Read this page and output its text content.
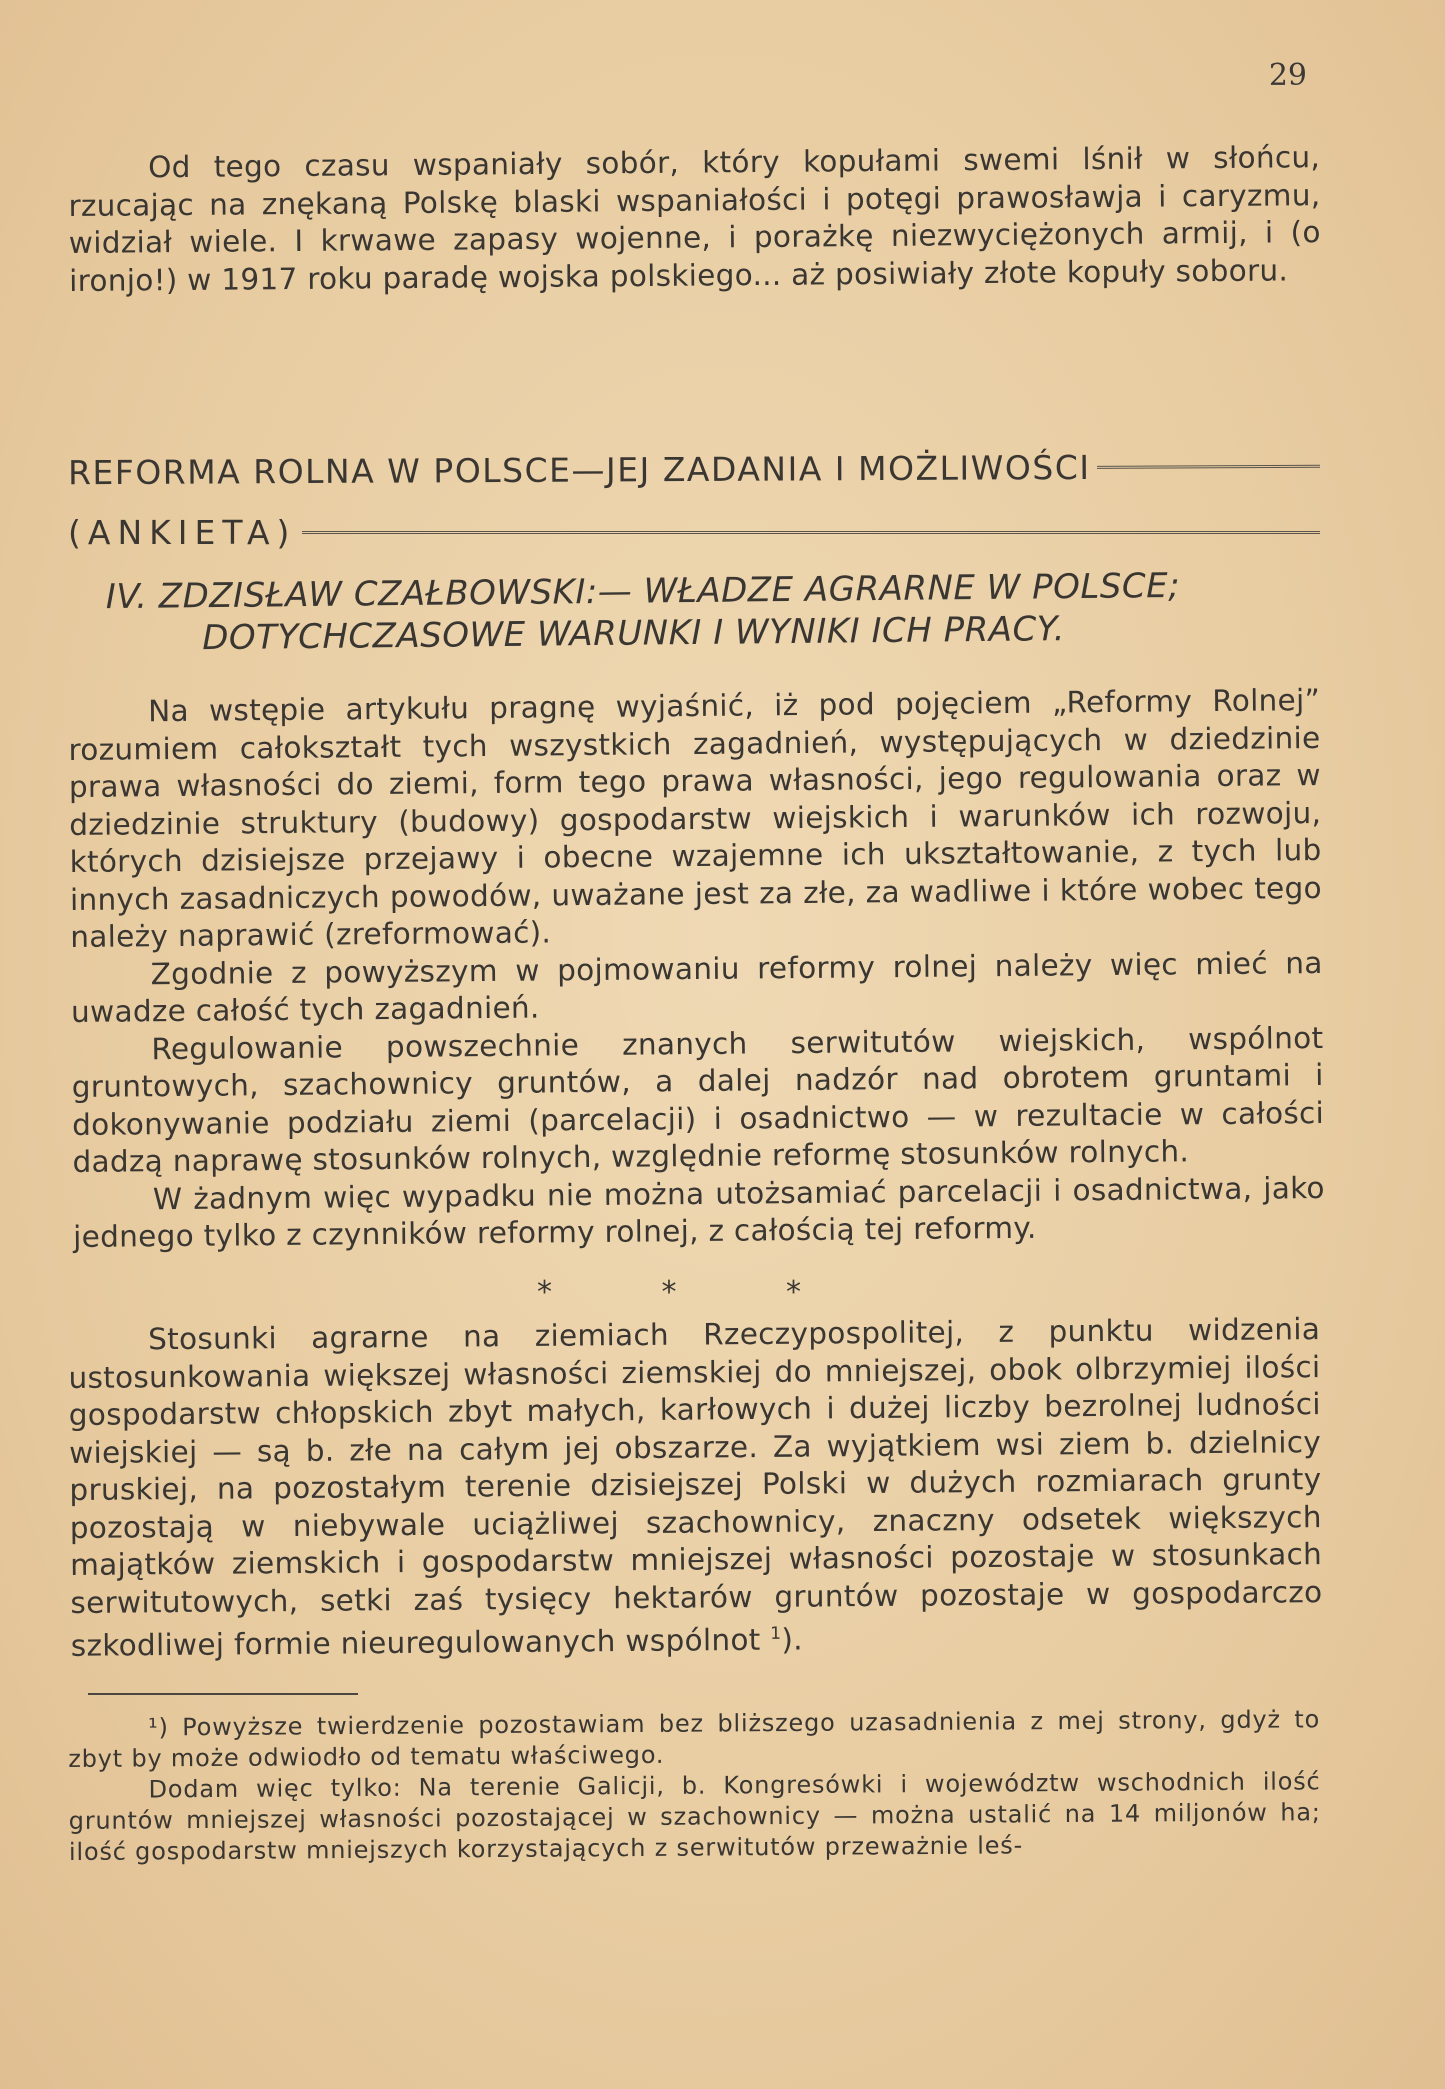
29

Od tego czasu wspaniały sobór, który kopułami swemi lśnił w słońcu, rzucając na znękaną Polskę blaski wspaniałości i potęgi prawosławja i caryzmu, widział wiele. I krwawe zapasy wojenne, i porażkę niezwyciężonych armij, i (o ironjo!) w 1917 roku paradę wojska polskiego... aż posiwiały złote kopuły soboru.

REFORMA ROLNA W POLSCE—JEJ ZADANIA I MOŻLIWOŚCI
(ANKIETA)
IV. ZDZISŁAW CZAŁBOWSKI:— WŁADZE AGRARNE W POLSCE;
DOTYCHCZASOWE WARUNKI I WYNIKI ICH PRACY.

Na wstępie artykułu pragnę wyjaśnić, iż pod pojęciem „Reformy Rolnej” rozumiem całokształt tych wszystkich zagadnień, występujących w dziedzinie prawa własności do ziemi, form tego prawa własności, jego regulowania oraz w dziedzinie struktury (budowy) gospodarstw wiejskich i warunków ich rozwoju, których dzisiejsze przejawy i obecne wzajemne ich ukształtowanie, z tych lub innych zasadniczych powodów, uważane jest za złe, za wadliwe i które wobec tego należy naprawić (zreformować).

Zgodnie z powyższym w pojmowaniu reformy rolnej należy więc mieć na uwadze całość tych zagadnień.

Regulowanie powszechnie znanych serwitutów wiejskich, wspólnot gruntowych, szachownicy gruntów, a dalej nadzór nad obrotem gruntami i dokonywanie podziału ziemi (parcelacji) i osadnictwo — w rezultacie w całości dadzą naprawę stosunków rolnych, względnie reformę stosunków rolnych.

W żadnym więc wypadku nie można utożsamiać parcelacji i osadnictwa, jako jednego tylko z czynników reformy rolnej, z całością tej reformy.

* * *

Stosunki agrarne na ziemiach Rzeczypospolitej, z punktu widzenia ustosunkowania większej własności ziemskiej do mniejszej, obok olbrzymiej ilości gospodarstw chłopskich zbyt małych, karłowych i dużej liczby bezrolnej ludności wiejskiej — są b. złe na całym jej obszarze. Za wyjątkiem wsi ziem b. dzielnicy pruskiej, na pozostałym terenie dzisiejszej Polski w dużych rozmiarach grunty pozostają w niebywale uciążliwej szachownicy, znaczny odsetek większych majątków ziemskich i gospodarstw mniejszej własności pozostaje w stosunkach serwitutowych, setki zaś tysięcy hektarów gruntów pozostaje w gospodarczo szkodliwej formie nieuregulowanych wspólnot $^1$).

¹) Powyższe twierdzenie pozostawiam bez bliższego uzasadnienia z mej strony, gdyż to zbyt by może odwiodło od tematu właściwego.

Dodam więc tylko: Na terenie Galicji, b. Kongresówki i województw wschodnich ilość gruntów mniejszej własności pozostającej w szachownicy — można ustalić na 14 miljonów ha; ilość gospodarstw mniejszych korzystających z serwitutów przeważnie leś-
